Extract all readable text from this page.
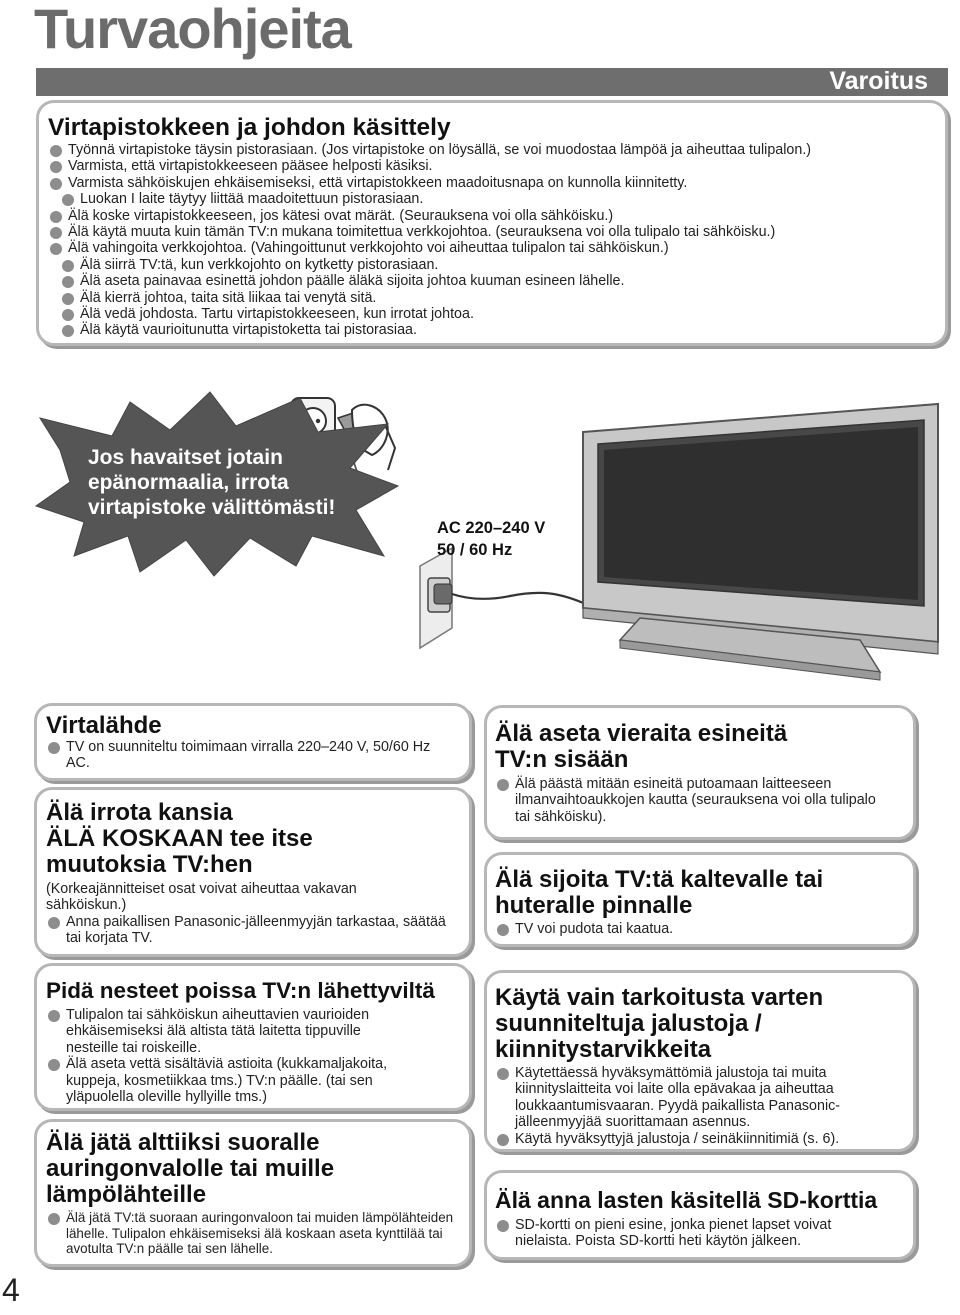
Turvaohjeita
Varoitus
Virtapistokkeen ja johdon käsittely
Työnnä virtapistoke täysin pistorasiaan. (Jos virtapistoke on löysällä, se voi muodostaa lämpöä ja aiheuttaa tulipalon.)
Varmista, että virtapistokkeeseen pääsee helposti käsiksi.
Varmista sähköiskujen ehkäisemiseksi, että virtapistokkeen maadoitusnapa on kunnolla kiinnitetty.
Luokan I laite täytyy liittää maadoitettuun pistorasiaan.
Älä koske virtapistokkeeseen, jos kätesi ovat märät. (Seurauksena voi olla sähköisku.)
Älä käytä muuta kuin tämän TV:n mukana toimitettua verkkojohtoa. (seurauksena voi olla tulipalo tai sähköisku.)
Älä vahingoita verkkojohtoa. (Vahingoittunut verkkojohto voi aiheuttaa tulipalon tai sähköiskun.)
Älä siirrä TV:tä, kun verkkojohto on kytketty pistorasiaan.
Älä aseta painavaa esinettä johdon päälle äläkä sijoita johtoa kuuman esineen lähelle.
Älä kierrä johtoa, taita sitä liikaa tai venytä sitä.
Älä vedä johdosta. Tartu virtapistokkeeseen, kun irrotat johtoa.
Älä käytä vaurioitunutta virtapistoketta tai pistorasiaa.
Jos havaitset jotain
epänormaalia, irrota
virtapistoke välittömästi!
AC 220–240 V
50 / 60 Hz
Virtalähde
TV on suunniteltu toimimaan virralla 220–240 V, 50/60 Hz AC.
Älä irrota kansia
ÄLÄ KOSKAAN tee itse
muutoksia TV:hen

(Korkeajännitteiset osat voivat aiheuttaa vakavan sähköiskun.)

Anna paikallisen Panasonic-jälleenmyyjän tarkastaa, säätää tai korjata TV.
Pidä nesteet poissa TV:n lähettyviltä
Tulipalon tai sähköiskun aiheuttavien vaurioiden ehkäisemiseksi älä altista tätä laitetta tippuville nesteille tai roiskeille.
Älä aseta vettä sisältäviä astioita (kukkamaljakoita, kuppeja, kosmetiikkaa tms.) TV:n päälle. (tai sen yläpuolella oleville hyllyille tms.)
Älä jätä alttiiksi suoralle
auringonvalolle tai muille
lämpölähteille
Älä jätä TV:tä suoraan auringonvaloon tai muiden lämpölähteiden lähelle. Tulipalon ehkäisemiseksi älä koskaan aseta kynttilää tai avotulta TV:n päälle tai sen lähelle.
Älä aseta vieraita esineitä
TV:n sisään
Älä päästä mitään esineitä putoamaan laitteeseen ilmanvaihtoaukkojen kautta (seurauksena voi olla tulipalo tai sähköisku).
Älä sijoita TV:tä kaltevalle tai
huteralle pinnalle
TV voi pudota tai kaatua.
Käytä vain tarkoitusta varten
suunniteltuja jalustoja /
kiinnitystarvikkeita
Käytettäessä hyväksymättömiä jalustoja tai muita kiinnityslaitteita voi laite olla epävakaa ja aiheuttaa loukkaantumisvaaran. Pyydä paikallista Panasonic-jälleenmyyjää suorittamaan asennus.
Käytä hyväksyttyjä jalustoja / seinäkiinnitimiä (s. 6).
Älä anna lasten käsitellä SD-korttia
SD-kortti on pieni esine, jonka pienet lapset voivat nielaista. Poista SD-kortti heti käytön jälkeen.
4
